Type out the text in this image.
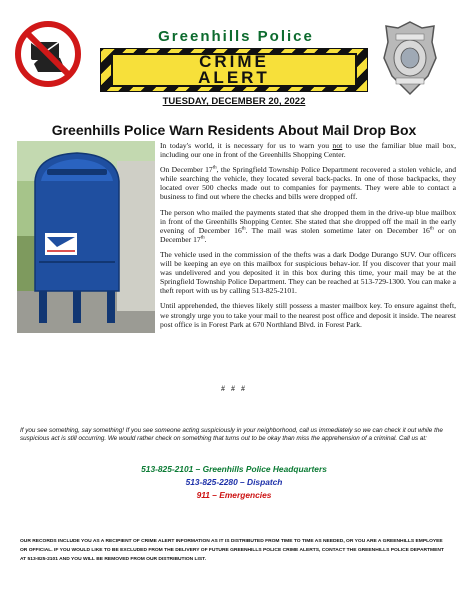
Greenhills Police
CRIME
ALERT
TUESDAY, DECEMBER 20, 2022
Greenhills Police Warn Residents About Mail Drop Box

In today's world, it is necessary for us to warn you not to use the familiar blue mail box, including our one in front of the Greenhills Shopping Center.

On December 17th, the Springfield Township Police Department recovered a stolen vehicle, and while searching the vehicle, they located several back-packs. In one of those backpacks, they located over 500 checks made out to companies for payments. They were able to contact a business to find out where the checks and bills were dropped off.

The person who mailed the payments stated that she dropped them in the drive-up blue mailbox in front of the Greenhills Shopping Center. She stated that she dropped off the mail in the early evening of December 16th. The mail was stolen sometime later on December 16th or on December 17th.

The vehicle used in the commission of the thefts was a dark Dodge Durango SUV. Our officers will be keeping an eye on this mailbox for suspicious behav-ior. If you discover that your mail was undelivered and you deposited it in this box during this time, your mail may be at the Springfield Township Police Department. They can be reached at 513-729-1300. You can make a theft report with us by calling 513-825-2101.

Until apprehended, the thieves likely still possess a master mailbox key. To ensure against theft, we strongly urge you to take your mail to the nearest post office and deposit it inside. The nearest post office is in Forest Park at 670 Northland Blvd. in Forest Park.

# # #
If you see something, say something! If you see someone acting suspiciously in your neighborhood, call us immediately so we can check it out while the suspicious act is still occurring. We would rather check on something that turns out to be okay than miss the apprehension of a criminal. Call us at:
513-825-2101 – Greenhills Police Headquarters
513-825-2280 – Dispatch
911 – Emergencies
OUR RECORDS INCLUDE YOU AS A RECIPIENT OF CRIME ALERT INFORMATION AS IT IS DISTRIBUTED FROM TIME TO TIME AS NEEDED, OR YOU ARE A GREENHILLS EMPLOYEE OR OFFICIAL. IF YOU WOULD LIKE TO BE EXCLUDED FROM THE DELIVERY OF FUTURE GREENHILLS POLICE CRIME ALERTS, CONTACT THE GREENHILLS POLICE DEPARTMENT AT 513-825-2101 AND YOU WILL BE REMOVED FROM OUR DISTRIBUTION LIST.
